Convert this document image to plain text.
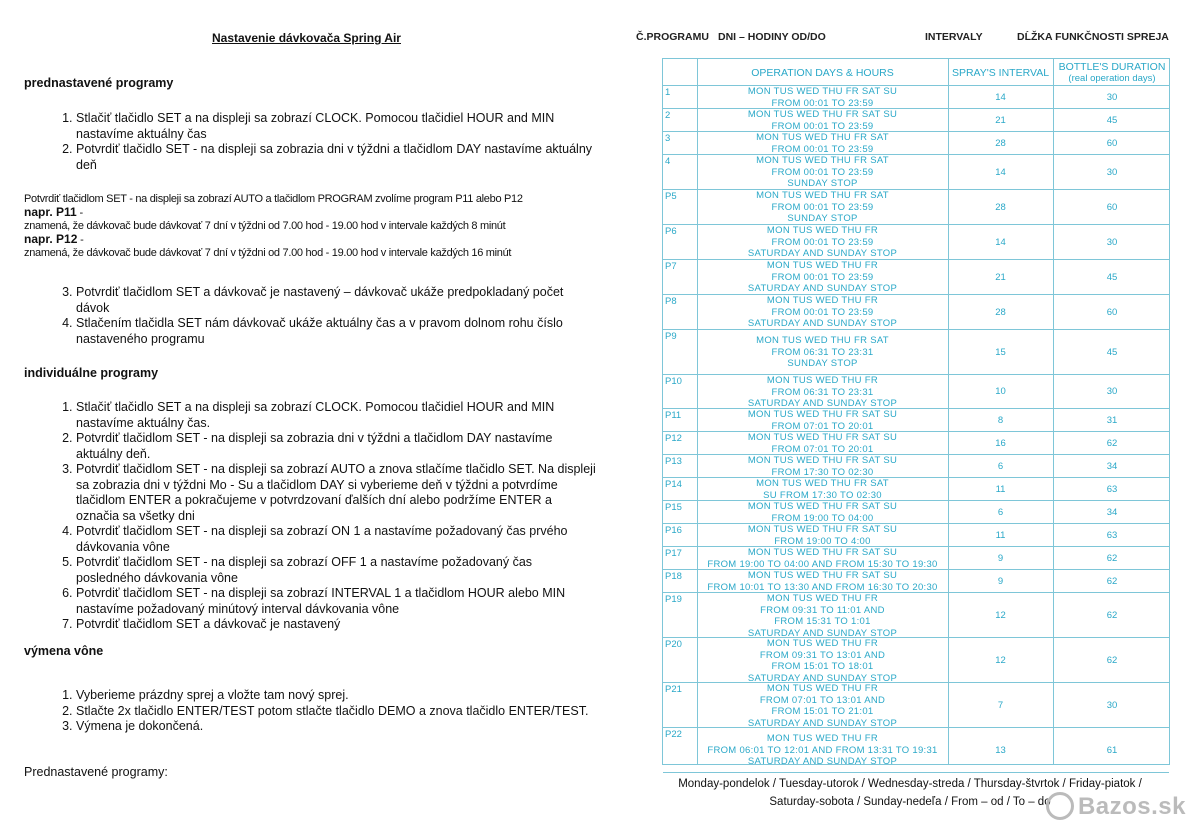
Nastavenie dávkovača Spring Air
prednastavené programy
1. Stlačiť tlačidlo SET a na displeji sa zobrazí CLOCK. Pomocou tlačidiel HOUR and MIN nastavíme aktuálny čas
2. Potvrdiť tlačidlo SET - na displeji sa zobrazia dni v týždni a tlačidlom DAY nastavíme aktuálny deň
Potvrdiť tlačidlom SET - na displeji sa zobrazí AUTO a tlačidlom PROGRAM zvolíme program P11 alebo P12
napr. P11 -
znamená, že dávkovač bude dávkovať 7 dní v týždni od 7.00 hod - 19.00 hod v intervale každých 8 minút
napr. P12 -
znamená, že dávkovač bude dávkovať 7 dní v týždni od 7.00 hod - 19.00 hod v intervale každých 16 minút
3. Potvrdiť tlačidlom SET a dávkovač je nastavený – dávkovač ukáže predpokladaný počet dávok
4. Stlačením tlačidla SET nám dávkovač ukáže aktuálny čas a v pravom dolnom rohu číslo nastaveného programu
individuálne programy
1. Stlačiť tlačidlo SET a na displeji sa zobrazí CLOCK. Pomocou tlačidiel HOUR and MIN nastavíme aktuálny čas.
2. Potvrdiť tlačidlom SET - na displeji sa zobrazia dni v týždni a tlačidlom DAY nastavíme aktuálny deň.
3. Potvrdiť tlačidlom SET - na displeji sa zobrazí AUTO a znova stlačíme tlačidlo SET. Na displeji sa zobrazia dni v týždni Mo - Su a tlačidlom DAY si vyberieme deň v týždni a potvrdíme tlačidlom ENTER a pokračujeme v potvrdzovaní ďalších dní alebo podržíme ENTER a označia sa všetky dni
4. Potvrdiť tlačidlom SET - na displeji sa zobrazí ON 1 a nastavíme požadovaný čas prvého dávkovania vône
5. Potvrdiť tlačidlom SET - na displeji sa zobrazí OFF 1 a nastavíme požadovaný čas posledného dávkovania vône
6. Potvrdiť tlačidlom SET - na displeji sa zobrazí INTERVAL 1 a tlačidlom HOUR alebo MIN nastavíme požadovaný minútový interval dávkovania vône
7. Potvrdiť tlačidlom SET a dávkovač je nastavený
výmena vône
1. Vyberieme prázdny sprej a vložte tam nový sprej.
2. Stlačte 2x tlačidlo ENTER/TEST potom stlačte tlačidlo DEMO a znova tlačidlo ENTER/TEST.
3. Výmena je dokončená.
Prednastavené programy:
Č.PROGRAMU DNI – HODINY OD/DO	INTERVALY	DĹŽKA FUNKČNOSTI SPREJA
OPERATION DAYS & HOURS	SPRAY'S INTERVAL BOTTLE'S DURATION
(real operation days)
1	MON TUS WED THU FR SAT SU
FROM 00:01 TO 23:59
14	30
2	MON TUS WED THU FR SAT SU
FROM 00:01 TO 23:59
21	45
3	MON TUS WED THU FR SAT
FROM 00:01 TO 23:59
28	60
4	MON TUS WED THU FR SAT
FROM 00:01 TO 23:59
SUNDAY STOP
14	30
P5	MON TUS WED THU FR SAT
FROM 00:01 TO 23:59
SUNDAY STOP
28	60
P6	MON TUS WED THU FR
FROM 00:01 TO 23:59
SATURDAY AND SUNDAY STOP
14	30
P7	MON TUS WED THU FR
FROM 00:01 TO 23:59
SATURDAY AND SUNDAY STOP
21	45
P8	MON TUS WED THU FR
FROM 00:01 TO 23:59
SATURDAY AND SUNDAY STOP
28	60
P9	MON TUS WED THU FR SAT
FROM 06:31 TO 23:31
SUNDAY STOP
15	45
P10	MON TUS WED THU FR
FROM 06:31 TO 23:31
SATURDAY AND SUNDAY STOP
10	30
P11	MON TUS WED THU FR SAT SU
FROM 07:01 TO 20:01
8	31
P12	MON TUS WED THU FR SAT SU
FROM 07:01 TO 20:01
16	62
P13	MON TUS WED THU FR SAT SU
FROM 17:30 TO 02:30
6	34
P14	MON TUS WED THU FR SAT
SU FROM 17:30 TO 02:30
11	63
P15	MON TUS WED THU FR SAT SU
FROM 19:00 TO 04:00
6	34
P16	MON TUS WED THU FR SAT SU
FROM 19:00 TO 4:00
11	63
P17	MON TUS WED THU FR SAT SU
FROM 19:00 TO 04:00 AND FROM 15:30 TO 19:30
9	62
P18	MON TUS WED THU FR SAT SU
FROM 10:01 TO 13:30 AND FROM 16:30 TO 20:30
9	62
P19	MON TUS WED THU FR
FROM 09:31 TO 11:01 AND
FROM 15:31 TO 1:01
SATURDAY AND SUNDAY STOP
12	62
P20	MON TUS WED THU FR
FROM 09:31 TO 13:01 AND
FROM 15:01 TO 18:01
SATURDAY AND SUNDAY STOP
12	62
P21	MON TUS WED THU FR
FROM 07:01 TO 13:01 AND
FROM 15:01 TO 21:01
SATURDAY AND SUNDAY STOP
7	30
P22	MON TUS WED THU FR
FROM 06:01 TO 12:01 AND FROM 13:31 TO 19:31
SATURDAY AND SUNDAY STOP
13	61
Monday-pondelok / Tuesday-utorok / Wednesday-streda / Thursday-štvrtok / Friday-piatok /
Saturday-sobota / Sunday-nedeľa / From – od / To – do	Bazos.sk
